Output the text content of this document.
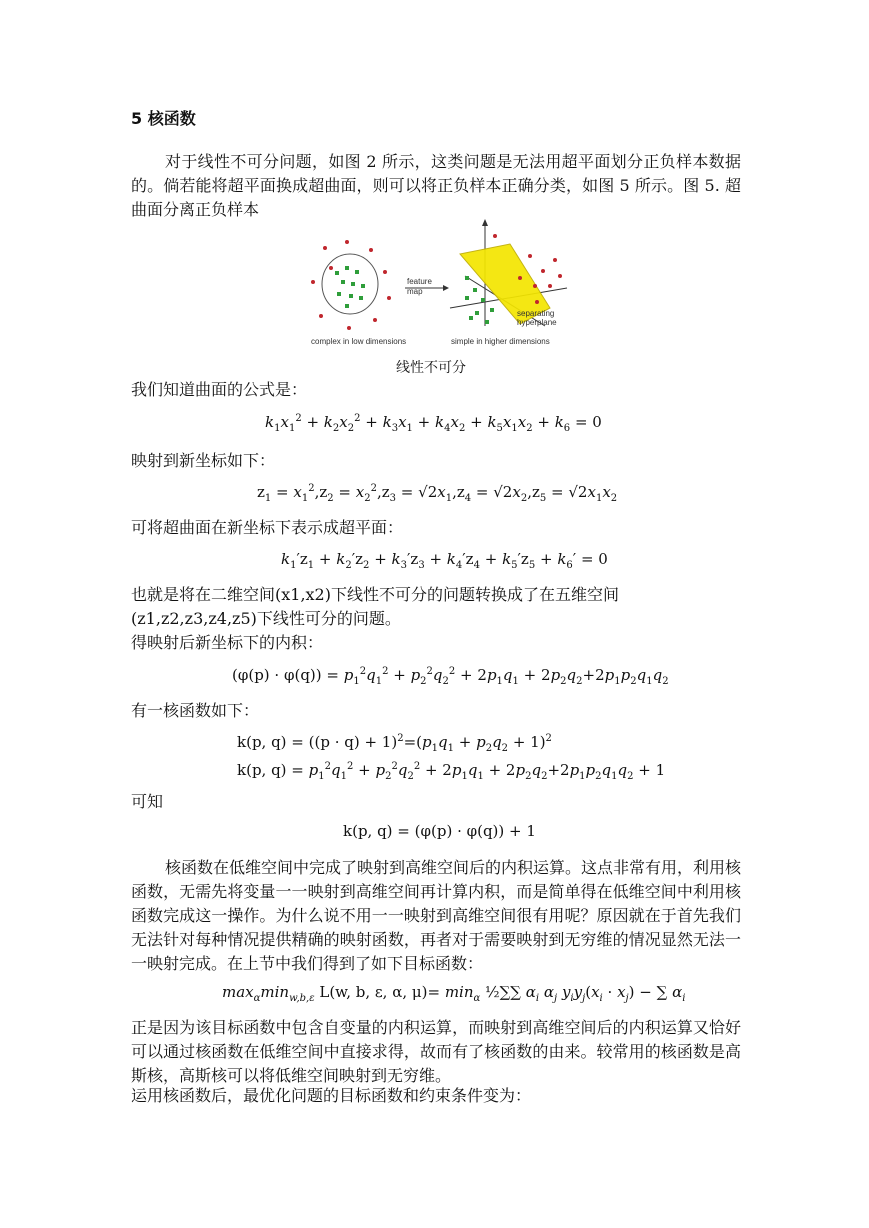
5 核函数
对于线性不可分问题，如图 2 所示，这类问题是无法用超平面划分正负样本数据的。倘若能将超平面换成超曲面，则可以将正负样本正确分类，如图 5 所示。图 5. 超曲面分离正负样本
complex in low dimensions
feature
map
separating
hyperplane
simple in higher dimensions
线性不可分
我们知道曲面的公式是：
$k_1x_1^2 + k_2x_2^2 + k_3x_1 + k_4x_2 + k_5x_1x_2 + k_6 = 0$
映射到新坐标如下：
$z_1 = x_1^2,z_2 = x_2^2,z_3 = √2x_1,z_4 = √2x_2,z_5 = √2x_1x_2$
可将超曲面在新坐标下表示成超平面：
$k_1'z_1 + k_2'z_2 + k_3'z_3 + k_4'z_4 + k_5'z_5 + k_6' = 0$
也就是将在二维空间(x1,x2)下线性不可分的问题转换成了在五维空间
(z1,z2,z3,z4,z5)下线性可分的问题。
得映射后新坐标下的内积：
$(\varphi(p) \cdot \varphi(q)) = p_1^2q_1^2 + p_2^2q_2^2 + 2p_1q_1 + 2p_2q_2+2p_1p_2q_1q_2$
有一核函数如下：
k(p, $q) = ((p \cdot q) + 1)^2=(p_1q_1 + p_2q_2 + 1)^2$
k(p, $q) = p_1^2q_1^2 + p_2^2q_2^2 + 2p_1q_1 + 2p_2q_2+2p_1p_2q_1q_2 + 1$
可知
k(p, q) = (φ(p) · φ(q)) + 1
核函数在低维空间中完成了映射到高维空间后的内积运算。这点非常有用，利用核函数，无需先将变量一一映射到高维空间再计算内积，而是简单得在低维空间中利用核函数完成这一操作。为什么说不用一一映射到高维空间很有用呢？原因就在于首先我们无法针对每种情况提供精确的映射函数，再者对于需要映射到无穷维的情况显然无法一一映射完成。在上节中我们得到了如下目标函数：
$\max_\alpha\min_{w,b,\varepsilon}$ L(w, b, ε, α, $\mu)= \min_\alpha$ ½∑∑ $\alpha_i$ $\alpha_j$ $y_iy_j(x_i \cdot x_j)$ − ∑ $\alpha_i$
正是因为该目标函数中包含自变量的内积运算，而映射到高维空间后的内积运算又恰好可以通过核函数在低维空间中直接求得，故而有了核函数的由来。较常用的核函数是高斯核，高斯核可以将低维空间映射到无穷维。
运用核函数后，最优化问题的目标函数和约束条件变为：
